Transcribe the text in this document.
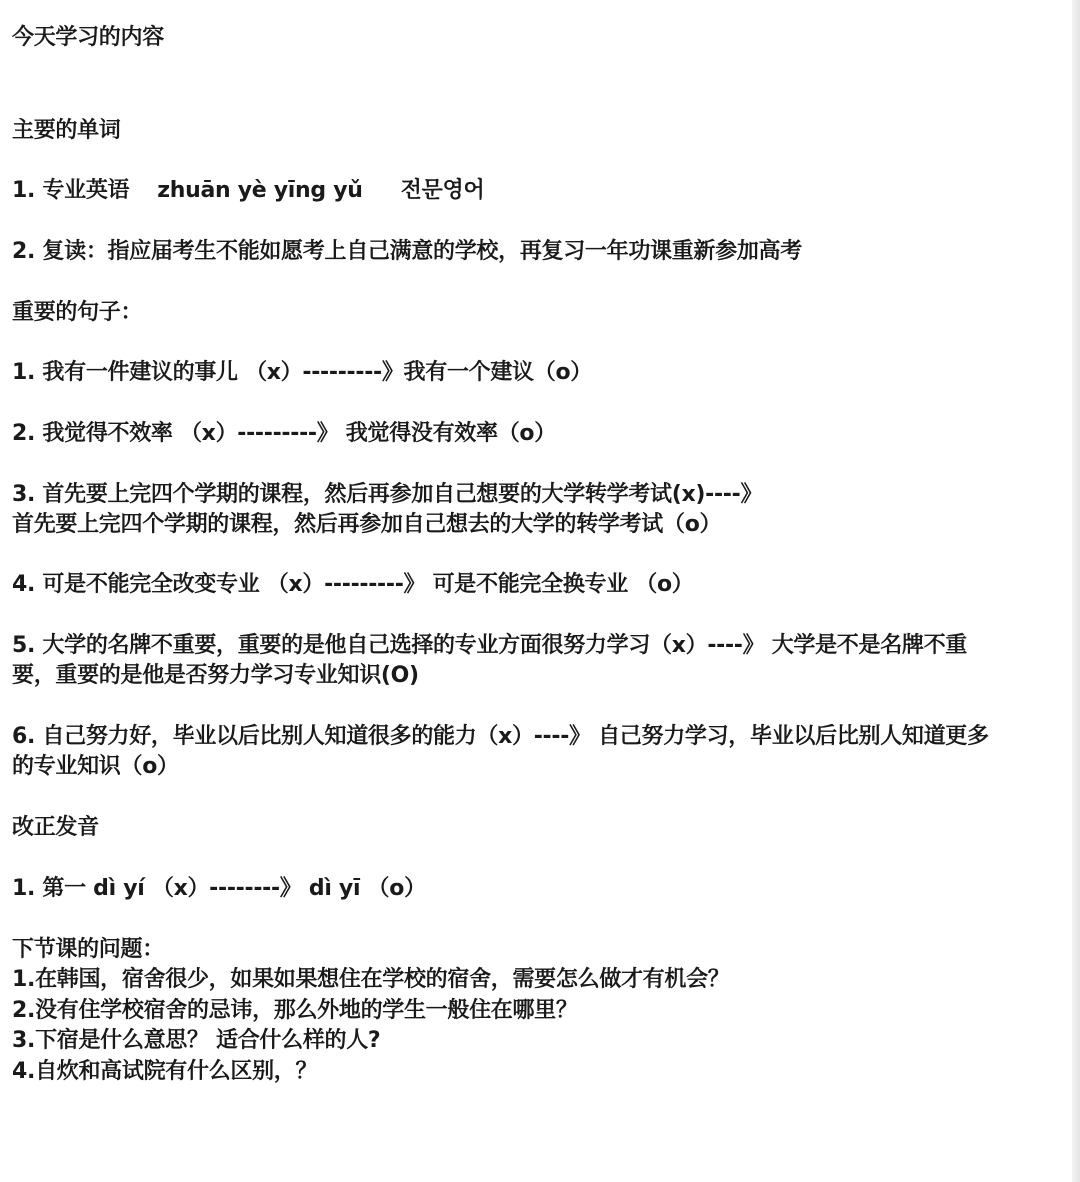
今天学习的内容
主要的单词
1. 专业英语 zhuān yè yīng yǔ 전문영어
2. 复读：指应届考生不能如愿考上自己满意的学校，再复习一年功课重新参加高考
重要的句子：
1. 我有一件建议的事儿 （x）---------》我有一个建议（o）
2. 我觉得不效率 （x）---------》 我觉得没有效率（o）
3. 首先要上完四个学期的课程，然后再参加自己想要的大学转学考试(x)----》
首先要上完四个学期的课程，然后再参加自己想去的大学的转学考试（o）
4. 可是不能完全改变专业 （x）---------》 可是不能完全换专业 （o）
5. 大学的名牌不重要，重要的是他自己选择的专业方面很努力学习（x）----》 大学是不是名牌不重
要，重要的是他是否努力学习专业知识(O)
6. 自己努力好，毕业以后比别人知道很多的能力（x）----》 自己努力学习，毕业以后比别人知道更多
的专业知识（o）
改正发音
1. 第一 dì yí （x）--------》 dì yī （o）
下节课的问题：
1.在韩国，宿舍很少，如果如果想住在学校的宿舍，需要怎么做才有机会？
2.没有住学校宿舍的忌讳，那么外地的学生一般住在哪里？
3.下宿是什么意思？ 适合什么样的人?
4.自炊和高试院有什么区别，？
